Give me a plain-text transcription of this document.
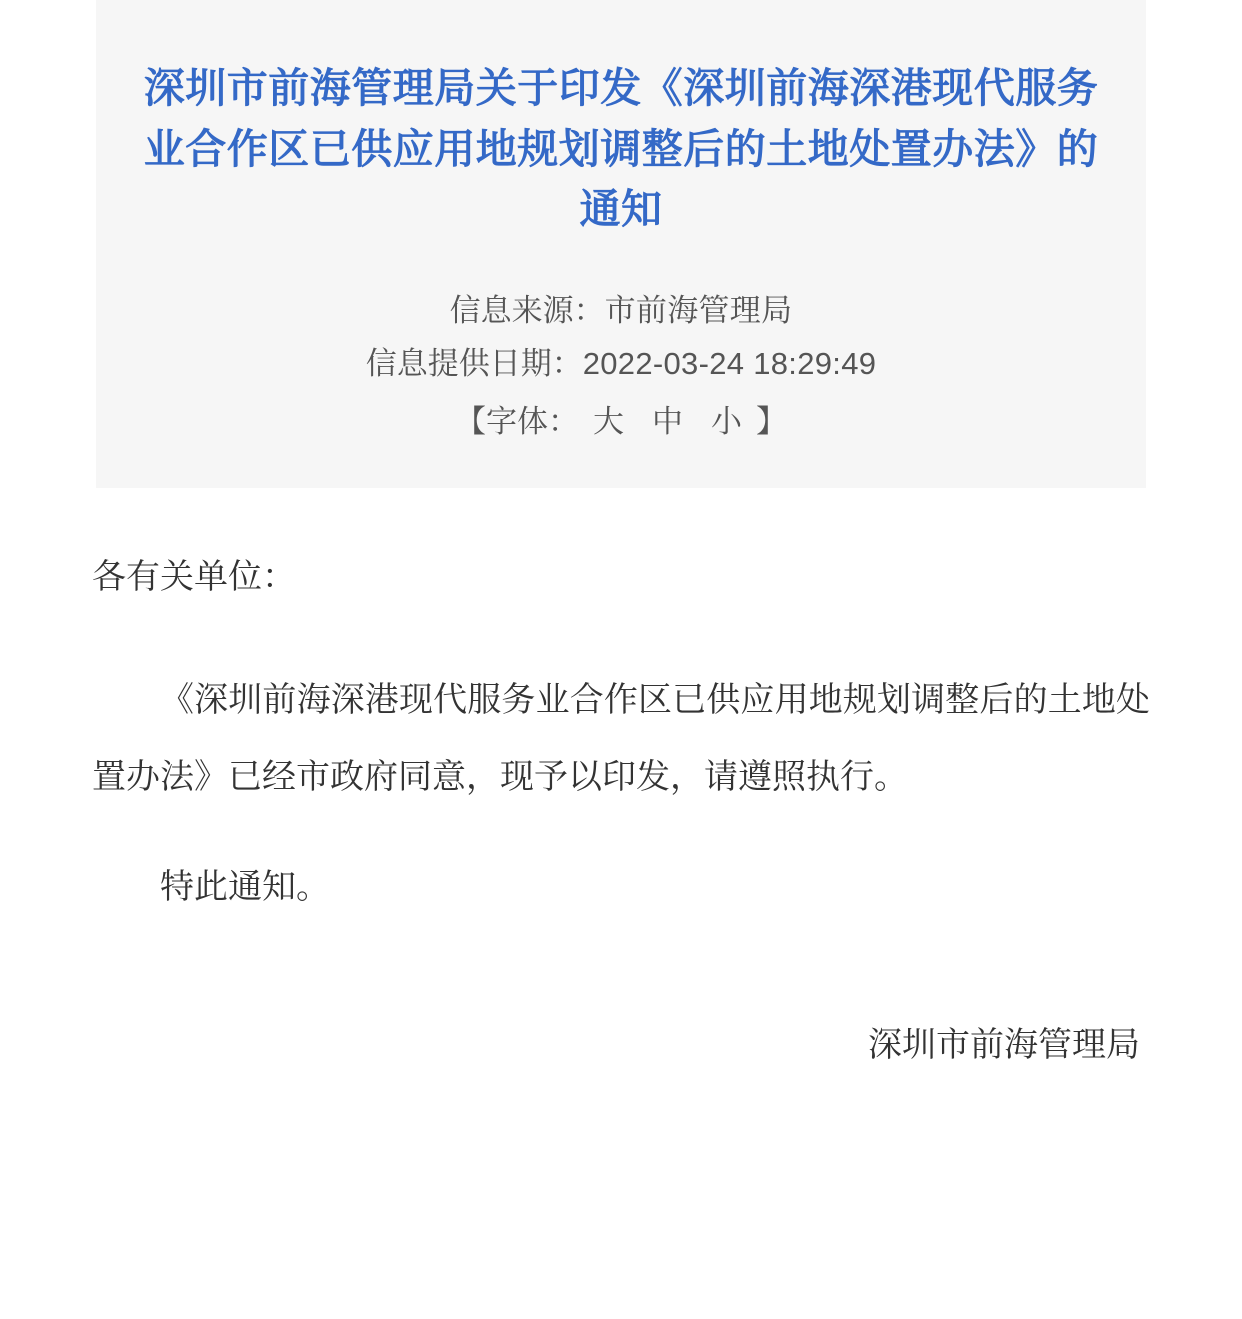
深圳市前海管理局关于印发《深圳前海深港现代服务业合作区已供应用地规划调整后的土地处置办法》的通知
信息来源：市前海管理局
信息提供日期：2022-03-24 18:29:49
【字体： 大 中 小 】

各有关单位：

《深圳前海深港现代服务业合作区已供应用地规划调整后的土地处置办法》已经市政府同意，现予以印发，请遵照执行。

特此通知。

深圳市前海管理局
